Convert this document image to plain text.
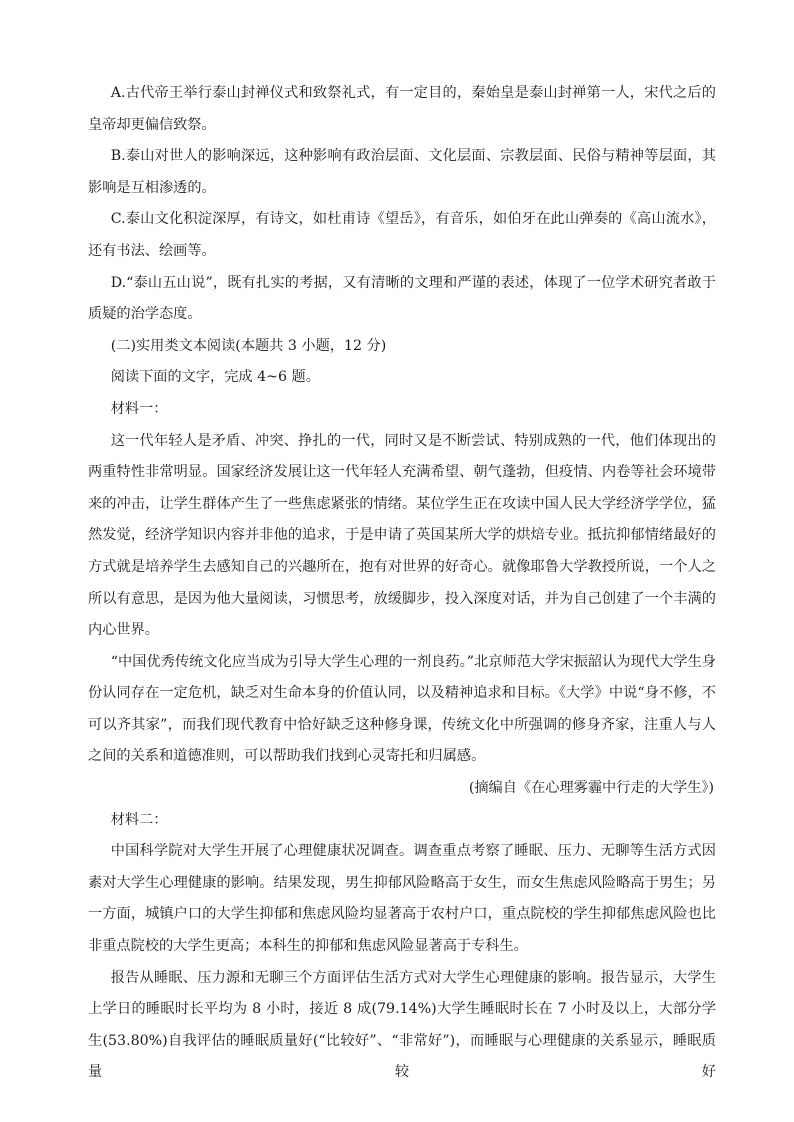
A.古代帝王举行泰山封禅仪式和致祭礼式，有一定目的，秦始皇是泰山封禅第一人，宋代之后的皇帝却更偏信致祭。

B.泰山对世人的影响深远，这种影响有政治层面、文化层面、宗教层面、民俗与精神等层面，其影响是互相渗透的。

C.泰山文化积淀深厚，有诗文，如杜甫诗《望岳》，有音乐，如伯牙在此山弹奏的《高山流水》，还有书法、绘画等。

D.“泰山五山说”，既有扎实的考据，又有清晰的文理和严谨的表述，体现了一位学术研究者敢于质疑的治学态度。

(二)实用类文本阅读(本题共 3 小题，12 分)

阅读下面的文字，完成 4~6 题。

材料一：

这一代年轻人是矛盾、冲突、挣扎的一代，同时又是不断尝试、特别成熟的一代，他们体现出的两重特性非常明显。国家经济发展让这一代年轻人充满希望、朝气蓬勃，但疫情、内卷等社会环境带来的冲击，让学生群体产生了一些焦虑紧张的情绪。某位学生正在攻读中国人民大学经济学学位，猛然发觉，经济学知识内容并非他的追求，于是申请了英国某所大学的烘焙专业。抵抗抑郁情绪最好的方式就是培养学生去感知自己的兴趣所在，抱有对世界的好奇心。就像耶鲁大学教授所说，一个人之所以有意思，是因为他大量阅读，习惯思考，放缓脚步，投入深度对话，并为自己创建了一个丰满的内心世界。

“中国优秀传统文化应当成为引导大学生心理的一剂良药。”北京师范大学宋振韶认为现代大学生身份认同存在一定危机，缺乏对生命本身的价值认同，以及精神追求和目标。《大学》中说“身不修，不可以齐其家”，而我们现代教育中恰好缺乏这种修身课，传统文化中所强调的修身齐家，注重人与人之间的关系和道德准则，可以帮助我们找到心灵寄托和归属感。

(摘编自《在心理雾霾中行走的大学生》)

材料二：

中国科学院对大学生开展了心理健康状况调查。调查重点考察了睡眠、压力、无聊等生活方式因素对大学生心理健康的影响。结果发现，男生抑郁风险略高于女生，而女生焦虑风险略高于男生；另一方面，城镇户口的大学生抑郁和焦虑风险均显著高于农村户口，重点院校的学生抑郁焦虑风险也比非重点院校的大学生更高；本科生的抑郁和焦虑风险显著高于专科生。

报告从睡眠、压力源和无聊三个方面评估生活方式对大学生心理健康的影响。报告显示，大学生上学日的睡眠时长平均为 8 小时，接近 8 成(79.14%)大学生睡眠时长在 7 小时及以上，大部分学生(53.80%)自我评估的睡眠质量好(“比较好”、“非常好”)，而睡眠与心理健康的关系显示，睡眠质量较好
